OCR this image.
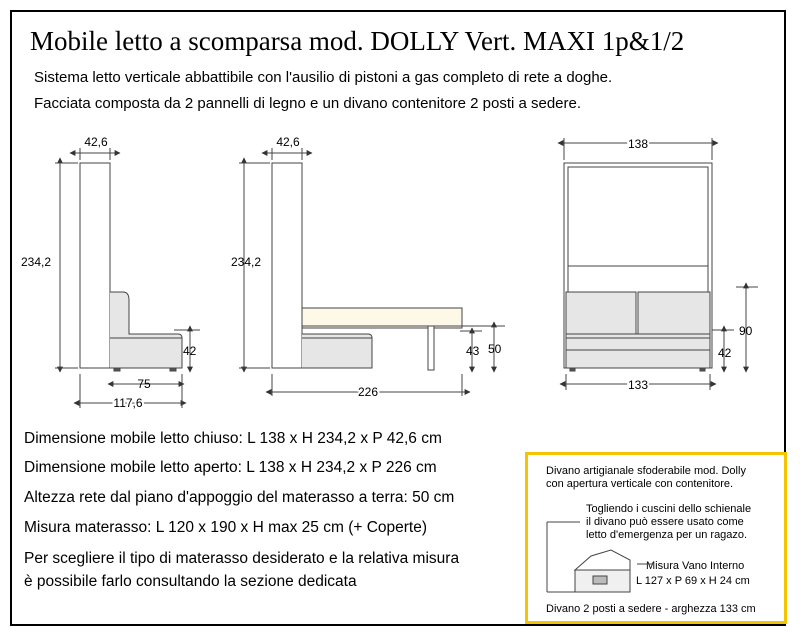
Mobile letto a scomparsa mod. DOLLY Vert. MAXI 1p&1/2
Sistema letto verticale abbattibile con l'ausilio di pistoni a gas completo di rete a doghe.
Facciata composta da 2 pannelli di legno e un divano contenitore 2 posti a sedere.
42,6
234,2
42
75
117,6
42,6
234,2
43 50
226
138
90
42
133
Dimensione mobile letto chiuso: L 138 x H 234,2 x P 42,6 cm
Dimensione mobile letto aperto: L 138 x H 234,2 x P 226 cm
Altezza rete dal piano d'appoggio del materasso a terra: 50 cm
Misura materasso: L 120 x 190 x H max 25 cm (+ Coperte)
Per scegliere il tipo di materasso desiderato e la relativa misura
è possibile farlo consultando la sezione dedicata
Divano artigianale sfoderabile mod. Dolly
con apertura verticale con contenitore.
Togliendo i cuscini dello schienale
il divano può essere usato come
letto d'emergenza per un ragazo.
Misura Vano Interno
L 127 x P 69 x H 24 cm
Divano 2 posti a sedere - arghezza 133 cm
